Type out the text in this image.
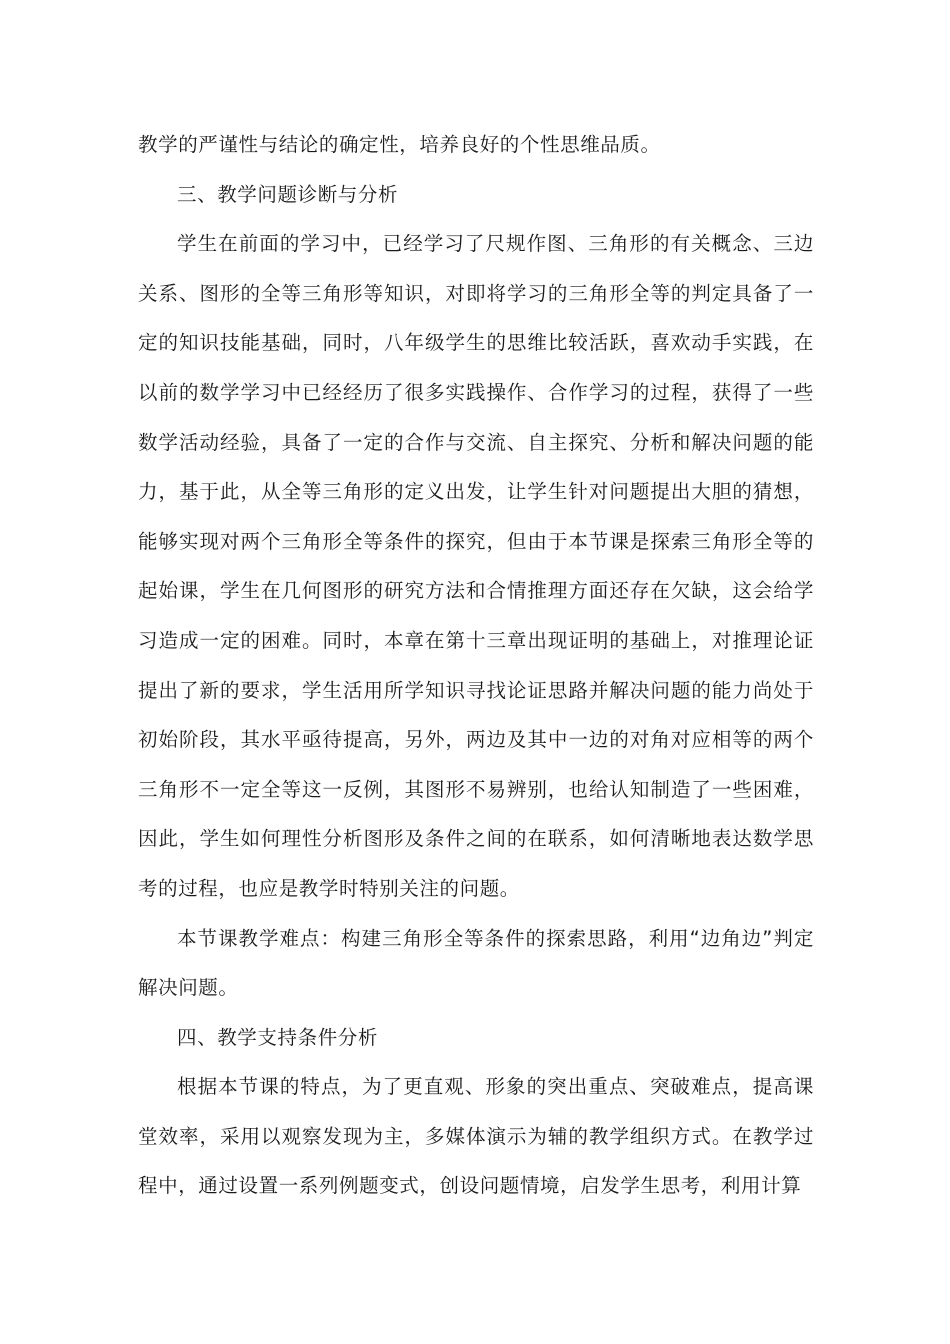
教学的严谨性与结论的确定性，培养良好的个性思维品质。

三、教学问题诊断与分析

学生在前面的学习中，已经学习了尺规作图、三角形的有关概念、三边关系、图形的全等三角形等知识，对即将学习的三角形全等的判定具备了一定的知识技能基础，同时，八年级学生的思维比较活跃，喜欢动手实践，在以前的数学学习中已经经历了很多实践操作、合作学习的过程，获得了一些数学活动经验，具备了一定的合作与交流、自主探究、分析和解决问题的能力，基于此，从全等三角形的定义出发，让学生针对问题提出大胆的猜想，能够实现对两个三角形全等条件的探究，但由于本节课是探索三角形全等的起始课，学生在几何图形的研究方法和合情推理方面还存在欠缺，这会给学习造成一定的困难。同时，本章在第十三章出现证明的基础上，对推理论证提出了新的要求，学生活用所学知识寻找论证思路并解决问题的能力尚处于初始阶段，其水平亟待提高，另外，两边及其中一边的对角对应相等的两个三角形不一定全等这一反例，其图形不易辨别，也给认知制造了一些困难，因此，学生如何理性分析图形及条件之间的在联系，如何清晰地表达数学思考的过程，也应是教学时特别关注的问题。

本节课教学难点：构建三角形全等条件的探索思路，利用“边角边”判定解决问题。

四、教学支持条件分析

根据本节课的特点，为了更直观、形象的突出重点、突破难点，提高课堂效率，采用以观察发现为主，多媒体演示为辅的教学组织方式。在教学过程中，通过设置一系列例题变式，创设问题情境，启发学生思考，利用计算
